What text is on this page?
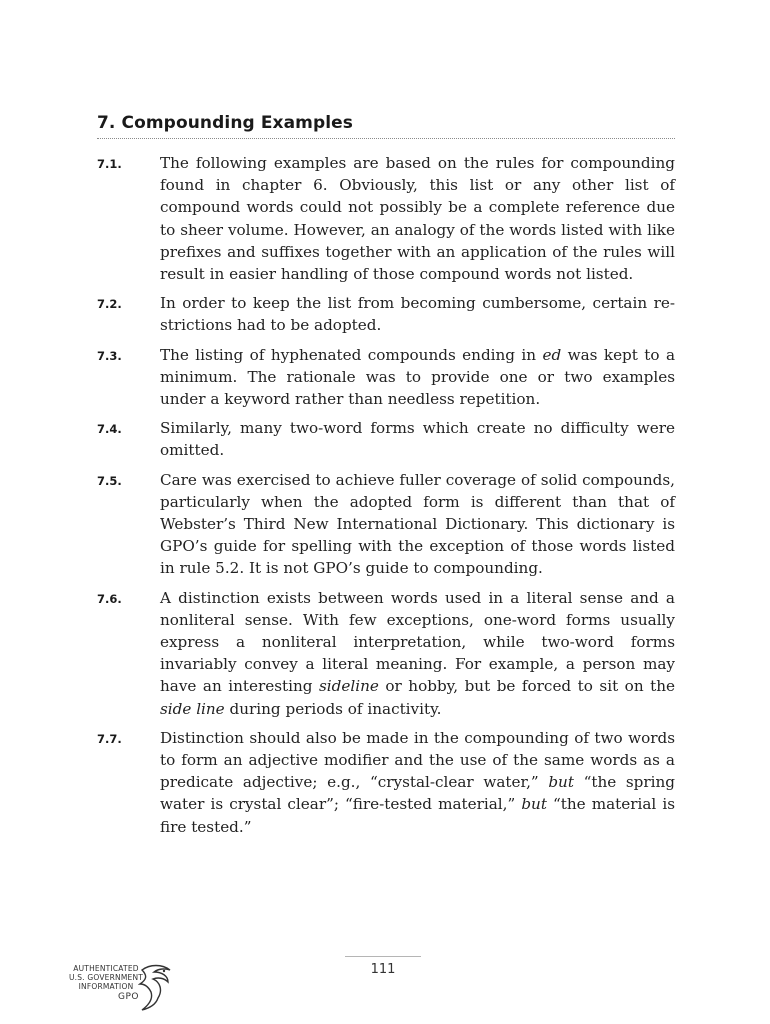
7. Compounding Examples
7.1.	The following examples are based on the rules for compounding found in chapter 6. Obviously, this list or any other list of compound words could not possibly be a complete reference due to sheer volume. However, an analogy of the words listed with like prefixes and suffixes together with an application of the rules will result in easier handling of those compound words not listed.
7.2.	In order to keep the list from becoming cumbersome, certain restrictions had to be adopted.
7.3.	The listing of hyphenated compounds ending in ed was kept to a minimum. The rationale was to provide one or two examples under a keyword rather than needless repetition.
7.4.	Similarly, many two-word forms which create no difficulty were omitted.
7.5.	Care was exercised to achieve fuller coverage of solid compounds, particularly when the adopted form is different than that of Webster’s Third New International Dictionary. This dictionary is GPO’s guide for spelling with the exception of those words listed in rule 5.2. It is not GPO’s guide to compounding.
7.6.	A distinction exists between words used in a literal sense and a nonliteral sense. With few exceptions, one-word forms usually express a nonliteral interpretation, while two-word forms invariably convey a literal meaning. For example, a person may have an interesting sideline or hobby, but be forced to sit on the side line during periods of inactivity.
7.7.	Distinction should also be made in the compounding of two words to form an adjective modifier and the use of the same words as a predicate adjective; e.g., “crystal-clear water,” but “the spring water is crystal clear”; “fire-tested material,” but “the material is fire tested.”
111
AUTHENTICATED
U.S. GOVERNMENT
INFORMATION
GPO
